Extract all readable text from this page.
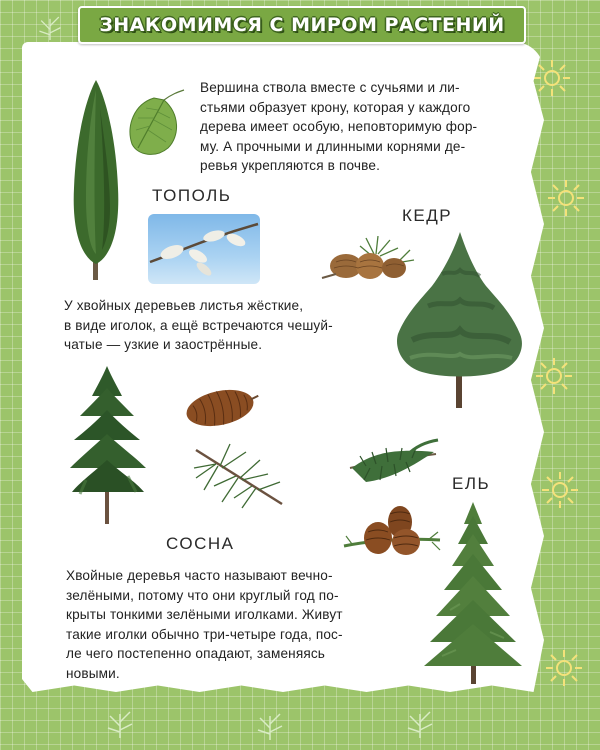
ЗНАКОМИМСЯ С МИРОМ РАСТЕНИЙ
Вершина ствола вместе с сучьями и ли-
стьями образует крону, которая у каждого
дерева имеет особую, неповторимую фор-
му. А прочными и длинными корнями де-
ревья укрепляются в почве.
ТОПОЛЬ
КЕДР
У хвойных деревьев листья жёсткие,
в виде иголок, а ещё встречаются чешуй-
чатые — узкие и заострённые.
ЕЛЬ
СОСНА
Хвойные деревья часто называют вечно-
зелёными, потому что они круглый год по-
крыты тонкими зелёными иголками. Живут
такие иголки обычно три-четыре года, пос-
ле чего постепенно опадают, заменяясь
новыми.
